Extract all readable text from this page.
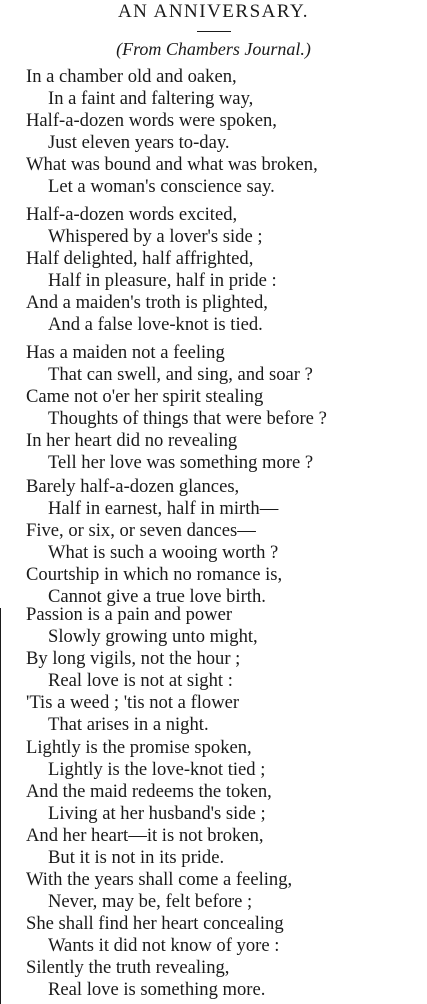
AN ANNIVERSARY.
(From Chambers Journal.)
In a chamber old and oaken,
In a faint and faltering way,
Half-a-dozen words were spoken,
Just eleven years to-day.
What was bound and what was broken,
Let a woman's conscience say.
Half-a-dozen words excited,
Whispered by a lover's side ;
Half delighted, half affrighted,
Half in pleasure, half in pride :
And a maiden's troth is plighted,
And a false love-knot is tied.
Has a maiden not a feeling
That can swell, and sing, and soar ?
Came not o'er her spirit stealing
Thoughts of things that were before ?
In her heart did no revealing
Tell her love was something more ?
Barely half-a-dozen glances,
Half in earnest, half in mirth—
Five, or six, or seven dances—
What is such a wooing worth ?
Courtship in which no romance is,
Cannot give a true love birth.
Passion is a pain and power
Slowly growing unto might,
By long vigils, not the hour ;
Real love is not at sight :
'Tis a weed ; 'tis not a flower
That arises in a night.
Lightly is the promise spoken,
Lightly is the love-knot tied ;
And the maid redeems the token,
Living at her husband's side ;
And her heart—it is not broken,
But it is not in its pride.
With the years shall come a feeling,
Never, may be, felt before ;
She shall find her heart concealing
Wants it did not know of yore :
Silently the truth revealing,
Real love is something more.
